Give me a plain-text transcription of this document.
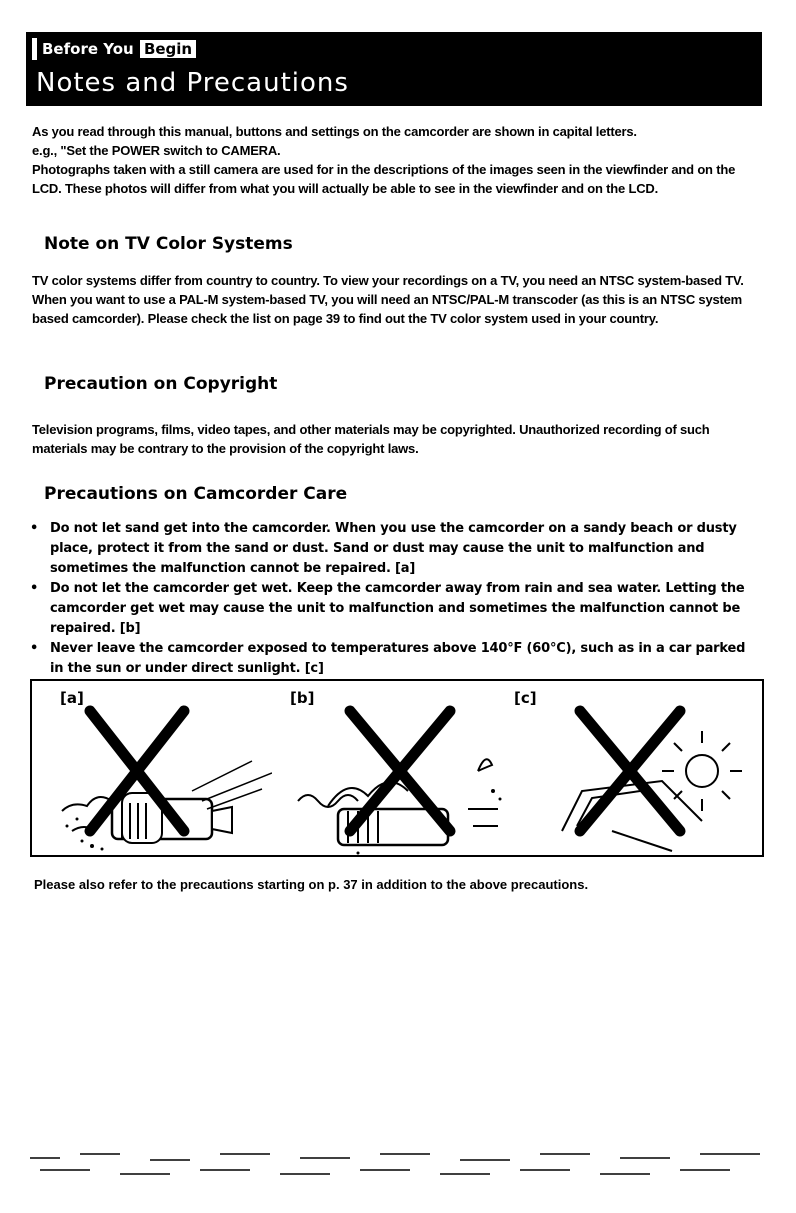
Before You Begin
Notes and Precautions

As you read through this manual, buttons and settings on the camcorder are shown in capital letters.

e.g., "Set the POWER switch to CAMERA.

Photographs taken with a still camera are used for in the descriptions of the images seen in the viewfinder and on the LCD. These photos will differ from what you will actually be able to see in the viewfinder and on the LCD.

Note on TV Color Systems

TV color systems differ from country to country. To view your recordings on a TV, you need an NTSC system-based TV. When you want to use a PAL-M system-based TV, you will need an NTSC/PAL-M transcoder (as this is an NTSC system based camcorder). Please check the list on page 39 to find out the TV color system used in your country.

Precaution on Copyright

Television programs, films, video tapes, and other materials may be copyrighted. Unauthorized recording of such materials may be contrary to the provision of the copyright laws.

Precautions on Camcorder Care
• Do not let sand get into the camcorder. When you use the camcorder on a sandy beach or dusty place, protect it from the sand or dust. Sand or dust may cause the unit to malfunction and sometimes the malfunction cannot be repaired. [a]
• Do not let the camcorder get wet. Keep the camcorder away from rain and sea water. Letting the camcorder get wet may cause the unit to malfunction and sometimes the malfunction cannot be repaired. [b]
• Never leave the camcorder exposed to temperatures above 140°F (60°C), such as in a car parked in the sun or under direct sunlight. [c]
[a]	[b]	[c]
Please also refer to the precautions starting on p. 37 in addition to the above precautions.
